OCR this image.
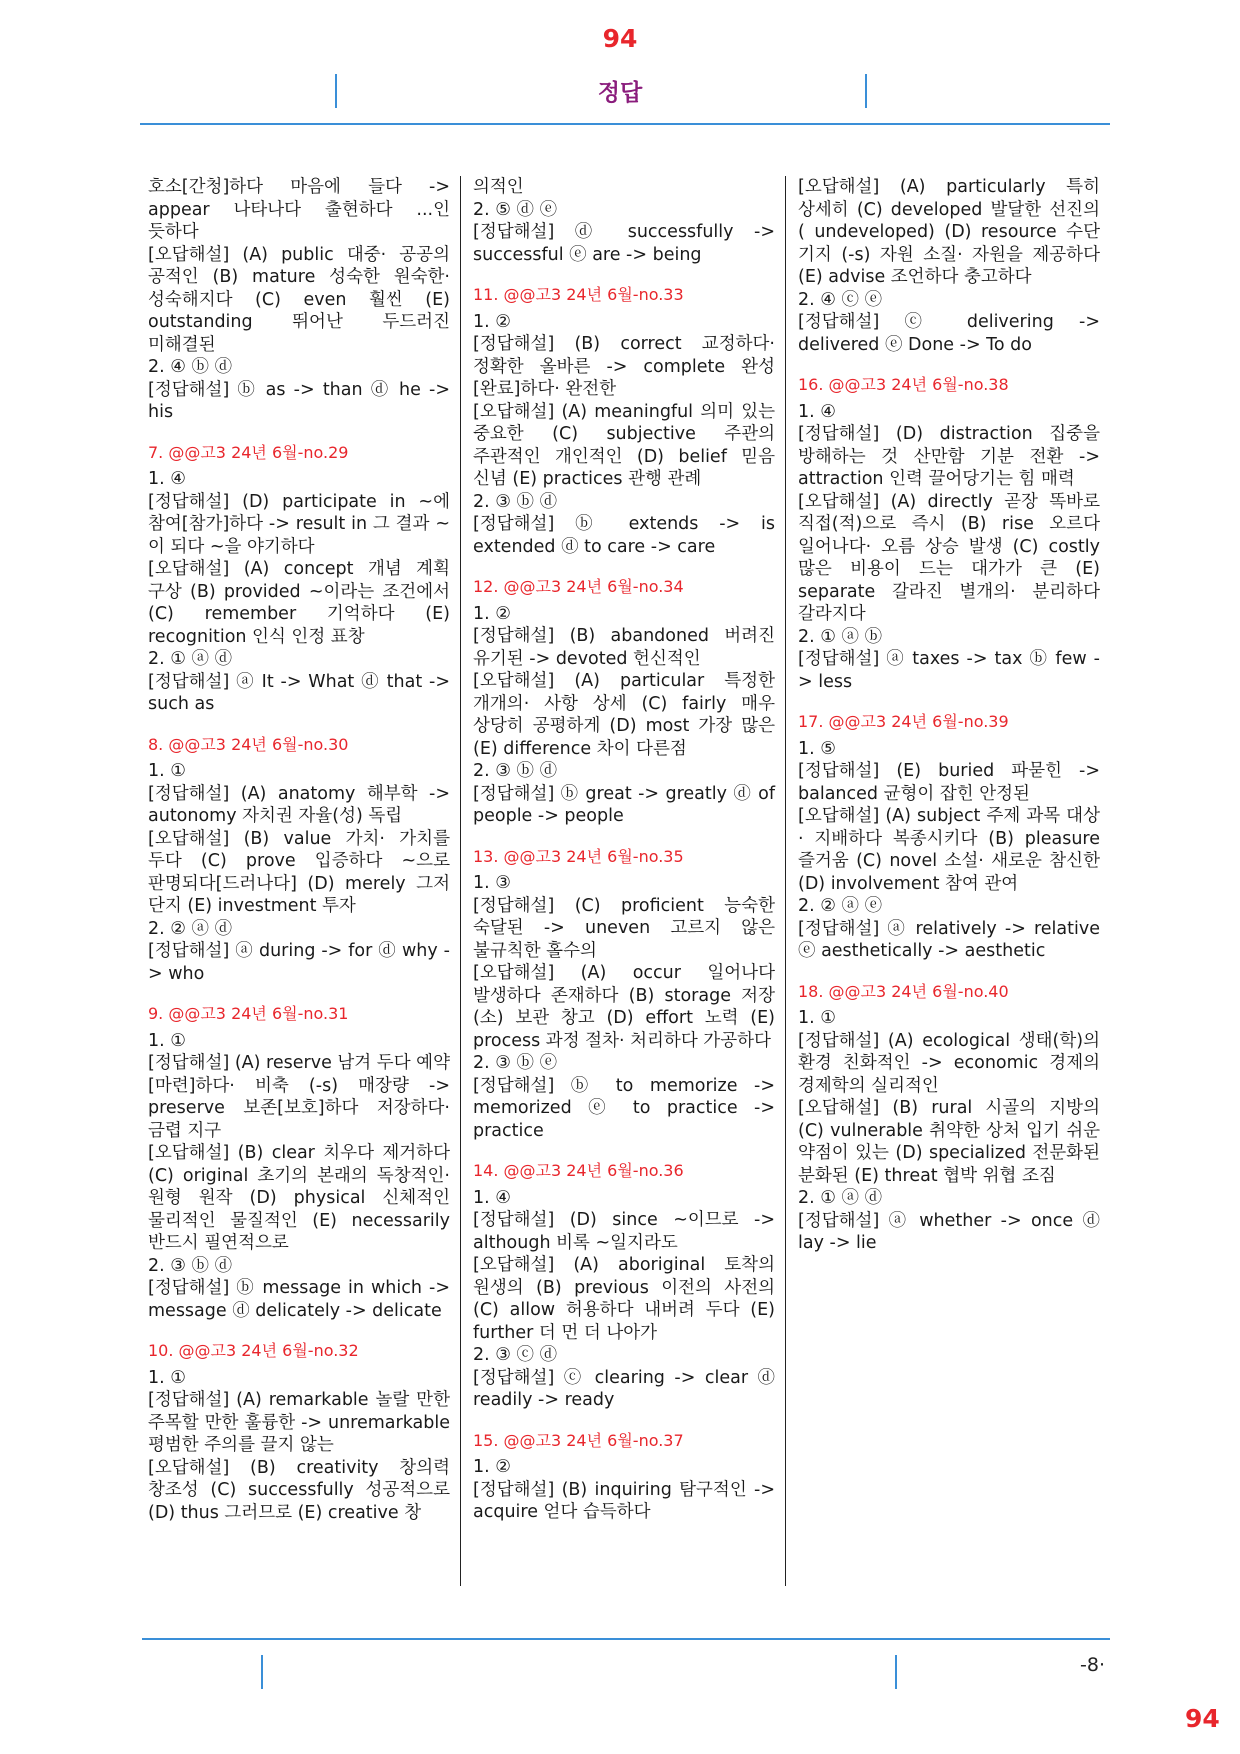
94
정답

호소[간청]하다 마음에 들다 -> appear 나타나다 출현하다 ...인 듯하다

[오답해설] (A) public 대중· 공공의 공적인 (B) mature 성숙한 원숙한· 성숙해지다 (C) even 훨씬 (E) outstanding 뛰어난 두드러진 미해결된

2. ④ ⓑ ⓓ

[정답해설] ⓑ as -> than ⓓ he -> his

7. @@고3 24년 6월-no.29

1. ④

[정답해설] (D) participate in ~에 참여[참가]하다 -> result in 그 결과 ~이 되다 ~을 야기하다

[오답해설] (A) concept 개념 계획 구상 (B) provided ~이라는 조건에서 (C) remember 기억하다 (E) recognition 인식 인정 표창

2. ① ⓐ ⓓ

[정답해설] ⓐ It -> What ⓓ that -> such as

8. @@고3 24년 6월-no.30

1. ①

[정답해설] (A) anatomy 해부학 -> autonomy 자치권 자율(성) 독립

[오답해설] (B) value 가치· 가치를 두다 (C) prove 입증하다 ~으로 판명되다[드러나다] (D) merely 그저 단지 (E) investment 투자

2. ② ⓐ ⓓ

[정답해설] ⓐ during -> for ⓓ why -> who

9. @@고3 24년 6월-no.31

1. ①

[정답해설] (A) reserve 남겨 두다 예약[마련]하다· 비축 (-s) 매장량 -> preserve 보존[보호]하다 저장하다· 금렵 지구

[오답해설] (B) clear 치우다 제거하다 (C) original 초기의 본래의 독창적인· 원형 원작 (D) physical 신체적인 물리적인 물질적인 (E) necessarily 반드시 필연적으로

2. ③ ⓑ ⓓ

[정답해설] ⓑ message in which -> message ⓓ delicately -> delicate

10. @@고3 24년 6월-no.32

1. ①

[정답해설] (A) remarkable 놀랄 만한 주목할 만한 훌륭한 -> unremarkable 평범한 주의를 끌지 않는

[오답해설] (B) creativity 창의력 창조성 (C) successfully 성공적으로 (D) thus 그러므로 (E) creative 창

의적인

2. ⑤ ⓓ ⓔ

[정답해설] ⓓ successfully -> successful ⓔ are -> being

11. @@고3 24년 6월-no.33

1. ②

[정답해설] (B) correct 교정하다· 정확한 올바른 -> complete 완성[완료]하다· 완전한

[오답해설] (A) meaningful 의미 있는 중요한 (C) subjective 주관의 주관적인 개인적인 (D) belief 믿음 신념 (E) practices 관행 관례

2. ③ ⓑ ⓓ

[정답해설] ⓑ extends -> is extended ⓓ to care -> care

12. @@고3 24년 6월-no.34

1. ②

[정답해설] (B) abandoned 버려진 유기된 -> devoted 헌신적인

[오답해설] (A) particular 특정한 개개의· 사항 상세 (C) fairly 매우 상당히 공평하게 (D) most 가장 많은 (E) difference 차이 다른점

2. ③ ⓑ ⓓ

[정답해설] ⓑ great -> greatly ⓓ of people -> people

13. @@고3 24년 6월-no.35

1. ③

[정답해설] (C) proficient 능숙한 숙달된 -> uneven 고르지 않은 불규칙한 홀수의

[오답해설] (A) occur 일어나다 발생하다 존재하다 (B) storage 저장(소) 보관 창고 (D) effort 노력 (E) process 과정 절차· 처리하다 가공하다

2. ③ ⓑ ⓔ

[정답해설] ⓑ to memorize -> memorized ⓔ to practice -> practice

14. @@고3 24년 6월-no.36

1. ④

[정답해설] (D) since ~이므로 -> although 비록 ~일지라도

[오답해설] (A) aboriginal 토착의 원생의 (B) previous 이전의 사전의 (C) allow 허용하다 내버려 두다 (E) further 더 먼 더 나아가

2. ③ ⓒ ⓓ

[정답해설] ⓒ clearing -> clear ⓓ readily -> ready

15. @@고3 24년 6월-no.37

1. ②

[정답해설] (B) inquiring 탐구적인 -> acquire 얻다 습득하다

[오답해설] (A) particularly 특히 상세히 (C) developed 발달한 선진의 ( undeveloped) (D) resource 수단 기지 (-s) 자원 소질· 자원을 제공하다 (E) advise 조언하다 충고하다

2. ④ ⓒ ⓔ

[정답해설] ⓒ delivering -> delivered ⓔ Done -> To do

16. @@고3 24년 6월-no.38

1. ④

[정답해설] (D) distraction 집중을 방해하는 것 산만함 기분 전환 -> attraction 인력 끌어당기는 힘 매력

[오답해설] (A) directly 곧장 똑바로 직접(적)으로 즉시 (B) rise 오르다 일어나다· 오름 상승 발생 (C) costly 많은 비용이 드는 대가가 큰 (E) separate 갈라진 별개의· 분리하다 갈라지다

2. ① ⓐ ⓑ

[정답해설] ⓐ taxes -> tax ⓑ few -> less

17. @@고3 24년 6월-no.39

1. ⑤

[정답해설] (E) buried 파묻힌 -> balanced 균형이 잡힌 안정된

[오답해설] (A) subject 주제 과목 대상· 지배하다 복종시키다 (B) pleasure 즐거움 (C) novel 소설· 새로운 참신한 (D) involvement 참여 관여

2. ② ⓐ ⓔ

[정답해설] ⓐ relatively -> relative ⓔ aesthetically -> aesthetic

18. @@고3 24년 6월-no.40

1. ①

[정답해설] (A) ecological 생태(학)의 환경 친화적인 -> economic 경제의 경제학의 실리적인

[오답해설] (B) rural 시골의 지방의 (C) vulnerable 취약한 상처 입기 쉬운 약점이 있는 (D) specialized 전문화된 분화된 (E) threat 협박 위협 조짐

2. ① ⓐ ⓓ

[정답해설] ⓐ whether -> once ⓓ lay -> lie

-8·
94
